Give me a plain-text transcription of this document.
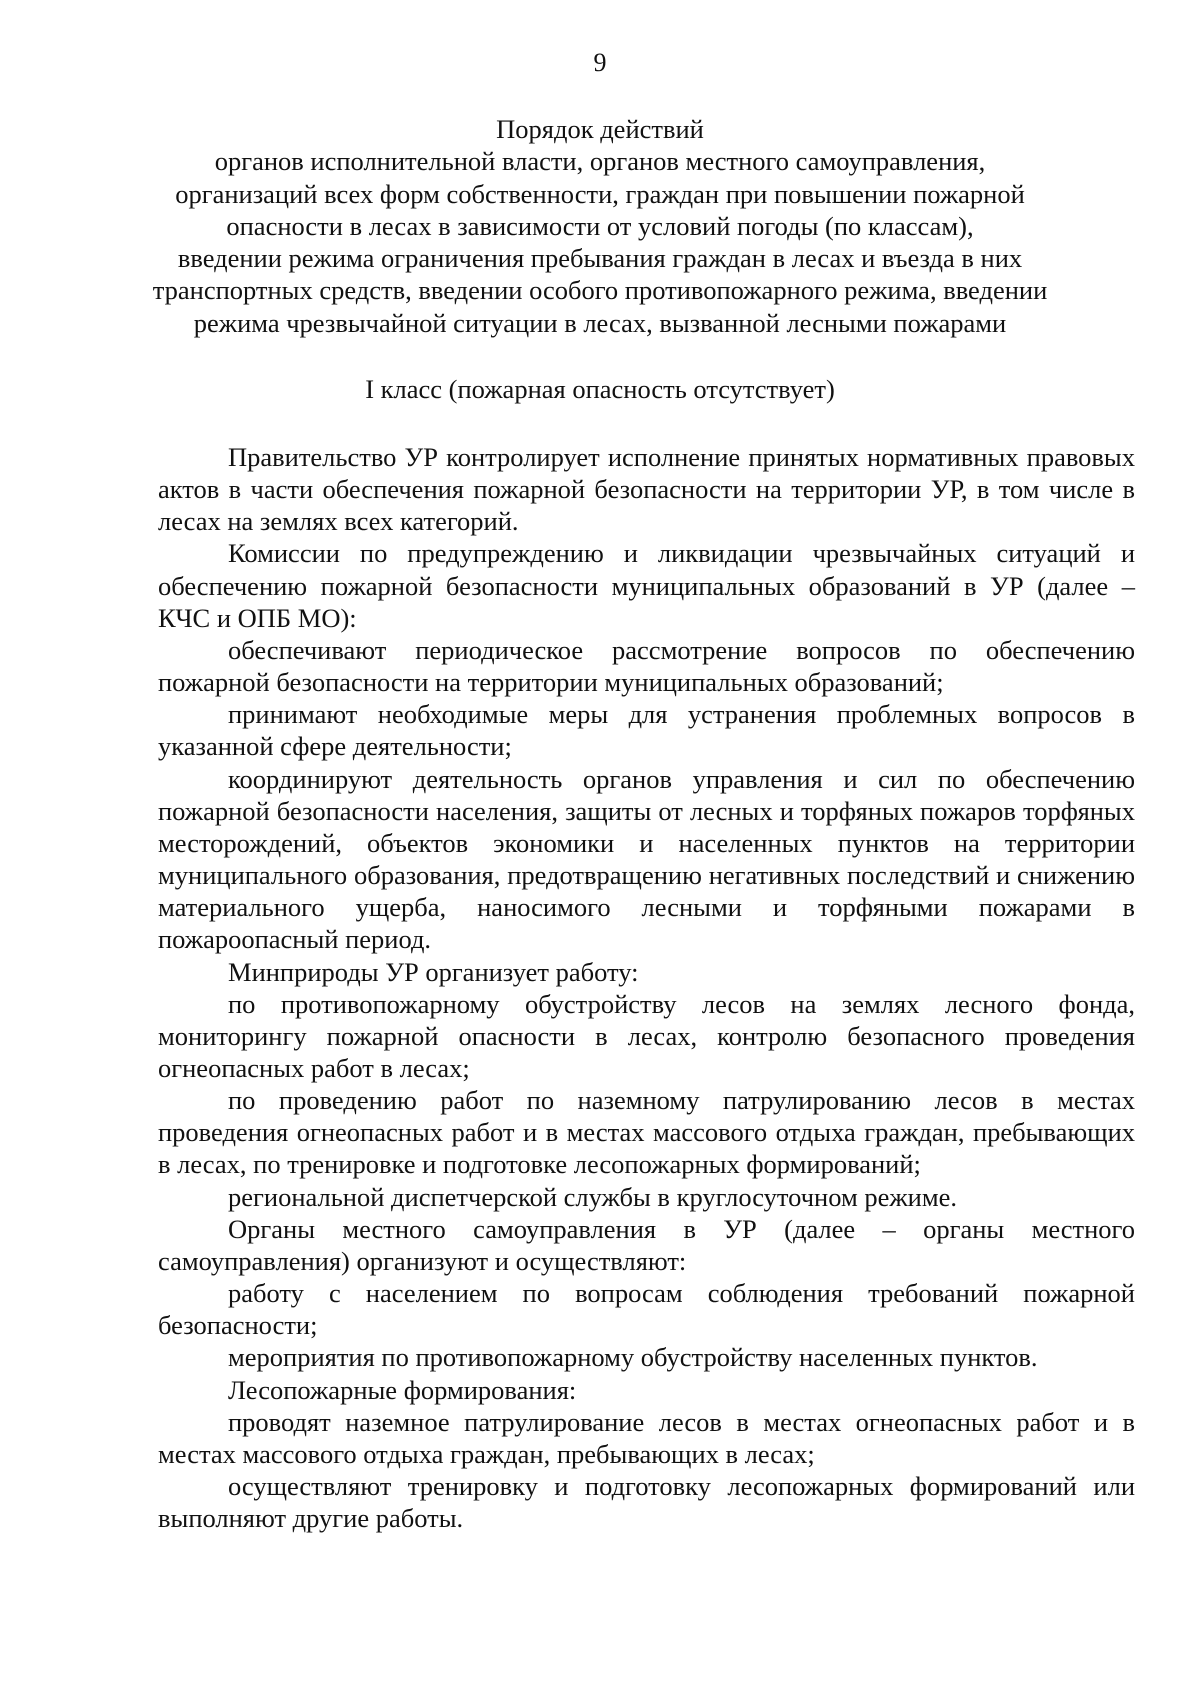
9
Порядок действий
органов исполнительной власти, органов местного самоуправления,
организаций всех форм собственности, граждан при повышении пожарной
опасности в лесах в зависимости от условий погоды (по классам),
введении режима ограничения пребывания граждан в лесах и въезда в них
транспортных средств, введении особого противопожарного режима, введении
режима чрезвычайной ситуации в лесах, вызванной лесными пожарами
I класс (пожарная опасность отсутствует)

Правительство УР контролирует исполнение принятых нормативных правовых актов в части обеспечения пожарной безопасности на территории УР, в том числе в лесах на землях всех категорий.

Комиссии по предупреждению и ликвидации чрезвычайных ситуаций и обеспечению пожарной безопасности муниципальных образований в УР (далее – КЧС и ОПБ МО):

обеспечивают периодическое рассмотрение вопросов по обеспечению пожарной безопасности на территории муниципальных образований;

принимают необходимые меры для устранения проблемных вопросов в указанной сфере деятельности;

координируют деятельность органов управления и сил по обеспечению пожарной безопасности населения, защиты от лесных и торфяных пожаров торфяных месторождений, объектов экономики и населенных пунктов на территории муниципального образования, предотвращению негативных последствий и снижению материального ущерба, наносимого лесными и торфяными пожарами в пожароопасный период.

Минприроды УР организует работу:

по противопожарному обустройству лесов на землях лесного фонда, мониторингу пожарной опасности в лесах, контролю безопасного проведения огнеопасных работ в лесах;

по проведению работ по наземному патрулированию лесов в местах проведения огнеопасных работ и в местах массового отдыха граждан, пребывающих в лесах, по тренировке и подготовке лесопожарных формирований;

региональной диспетчерской службы в круглосуточном режиме.

Органы местного самоуправления в УР (далее – органы местного самоуправления) организуют и осуществляют:

работу с населением по вопросам соблюдения требований пожарной безопасности;

мероприятия по противопожарному обустройству населенных пунктов.

Лесопожарные формирования:

проводят наземное патрулирование лесов в местах огнеопасных работ и в местах массового отдыха граждан, пребывающих в лесах;

осуществляют тренировку и подготовку лесопожарных формирований или выполняют другие работы.
